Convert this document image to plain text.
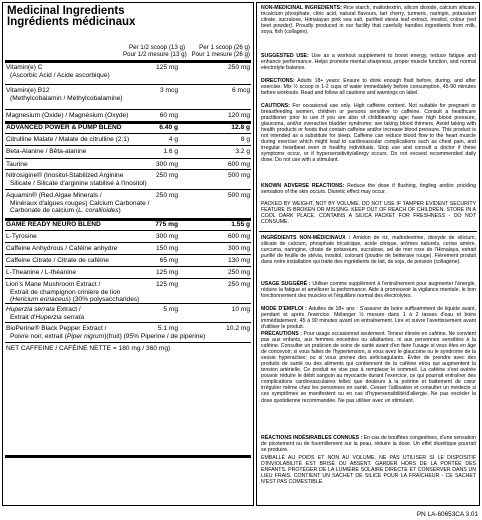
Medicinal Ingredients
Ingrédients médicinaux
Per 1/2 scoop (13 g)
Pour 1/2 mesure (13 g)
Per 1 scoop (26 g)
Pour 1 mesure (26 g)
Vitamin(e) C
(Ascorbic Acid / Acide ascorbique)
125 mg	250 mg
Vitamin(e) B12
(Methylcobalamin / Méthylcobalamine)
3 mcg	6 mcg
Magnesium (Oxide) / Magnésium (Oxyde)	60 mg	120 mg
ADVANCED POWER & PUMP BLEND	6.40 g	12.8 g
Citrulline Malate / Malate de citrulline (2:1)	4 g	8 g
Beta-Alanine / Bêta-alanine	1.6 g	3.2 g
Taurine	300 mg	600 mg
Nitrosigine® (Inositol-Stabilized Arginine
Silicate / Silicate d'arginine stabilisé à l'inositol)
250 mg	500 mg
Aquamin® (Red Algae Minerals /
Minéraux d'algues rouges) Calcium Carbonate /
Carbonate de calcium (L. corallioides)
250 mg	500 mg
GAME READY NEURO BLEND	775 mg	1.55 g
L-Tyrosine	300 mg	600 mg
Caffeine Anhydrous / Caféine anhydre	150 mg	300 mg
Caffeine Citrate / Citrate de caféine	65 mg	130 mg
L-Theanine / L-théanine	125 mg	250 mg
Lion's Mane Mushroom Extract /
Extrait de champignon crinière de lion
(Hericium erinaceus) (30% polysaccharides)
125 mg	250 mg
Huperzia serrata Extract /
Extrait d'Huperzia serrata
5 mg	10 mg
BioPerine® Black Pepper Extract /
Poivre noir, extrait (Piper nigrum)(fruit) (95% Piperine / de pipérine)
5.1 mg	10.2 mg
NET CAFFEINE / CAFÉINE NETTE = 180 mg / 360 mg)

NON-MEDICINAL INGREDIENTS: Rice starch, maltodextrin, silicon dioxide, calcium silicate, tricalcium phosphate, citric acid, natural flavours, tart cherry, turmeric, naringin, potassium citrate, sucralose, Himalayan pink sea salt, purified stevia leaf extract, inositol, colour (red beet powder). Proudly produced in our facility that carefully handles ingredients from milk, soya, fish (collagen).

SUGGESTED USE: Use as a workout supplement to boost energy, reduce fatigue and enhance performance. Helps promote mental sharpness, proper muscle function, and normal electrolyte balance.

DIRECTIONS: Adults 18+ years: Ensure to drink enough fluid before, during, and after exercise. Mix ½ scoop in 1-2 cups of water immediately before consumption, 45-90 minutes before workouts. Read and follow all cautions and warnings on label.

CAUTIONS: For occasional use only. High caffeine content. Not suitable for pregnant or breastfeeding women, children or persons sensitive to caffeine. Consult a healthcare practitioner prior to use if you are also of childbearing age; have high blood pressure, glaucoma, and/or overactive bladder syndrome; are taking blood thinners. Avoid taking with health products or foods that contain caffeine and/or increase blood pressure. This product is not intended as a substitute for sleep. Caffeine can reduce blood flow to the heart muscle during exercise which might lead to cardiovascular complications such as chest pain, and irregular heartbeat even in healthy individuals. Stop use and consult a doctor if these symptoms occur, or if hypersensitivity/allergy occurs. Do not exceed recommended daily dose. Do not use with a stimulant.

KNOWN ADVERSE REACTIONS: Reduce the dose if flushing, tingling and/or prickling sensation of the skin occurs. Diuretic effect may occur.

PACKED BY WEIGHT, NOT BY VOLUME. DO NOT USE IF TAMPER EVIDENT SECURITY FEATURE IS BROKEN OR MISSING. KEEP OUT OF REACH OF CHILDREN. STORE IN A COOL DARK PLACE. CONTAINS A SILICA PACKET FOR FRESHNESS - DO NOT CONSUME.

INGRÉDIENTS NON-MÉDICINAUX : Amidon de riz, maltodextrine, dioxyde de silicium, silicate de calcium, phosphate tricalcique, acide citrique, arômes naturels, cerise amère, curcuma, naringine, citrate de potassium, sucralose, sel de mer rose de l'Himalaya, extrait purifié de feuille de stévia, inositol, colorant (poudre de betterave rouge). Fièrement produit dans notre installation qui traite des ingrédients de lait, de soja, de poisson (collagène).

USAGE SUGGÉRÉ : Utiliser comme supplément à l'entraînement pour augmenter l'énergie, réduire la fatigue et améliorer la performance. Aide à promouvoir la vigilance mentale, le bon fonctionnement des muscles et l'équilibre normal des électrolytes.

MODE D'EMPLOI : Adultes de 18+ ans : S'assurer de boire suffisamment de liquide avant, pendant et après l'exercice. Mélanger ½ mesure dans 1 à 2 tasses d'eau et boire immédiatement, 45 à 90 minutes avant un entraînement. Lire et suivre l'avertissement avant d'utiliser le produit.

PRÉCAUTIONS : Pour usage occasionnel seulement. Teneur élevée en caféine. Ne convient pas aux enfants, aux femmes enceintes ou allaitantes, ni aux personnes sensibles à la caféine. Consulter un praticien de soins de santé avant d'en faire l'usage si vous êtes en âge de concevoir; si vous faites de l'hypertension, si vous avez le glaucome ou le syndrome de la vessie hyperactive; ou si vous prenez des anticoagulants. Éviter de prendre avec des produits de santé ou des aliments qui contiennent de la caféine et/ou qui augmentent la tension artérielle. Ce produit ne vise pas à remplacer le sommeil. La caféine s'est avérée pouvoir réduire le débit sanguin au myocarde durant l'exercice, ce qui pourrait entraîner des complications cardiovasculaires telles que douleurs à la poitrine et battement de cœur irrégulier même chez les personnes en santé. Cesser l'utilisation et consulter un médecin si ces symptômes se manifestent ou en cas d'hypersensibilité/d'allergie. Ne pas excéder la dose quotidienne recommandée. Ne pas utiliser avec un stimulant.

RÉACTIONS INDÉSIRABLES CONNUES : En cas de bouffées congestives, d'une sensation de picotement ou de fourmillement sur la peau, réduire la dose. Un effet diurétique pourrait se produire.

EMBALLÉ AU POIDS ET NON AU VOLUME. NE PAS UTILISER SI LE DISPOSITIF D'INVIOLABILITÉ EST BRISÉ OU ABSENT. GARDER HORS DE LA PORTÉE DES ENFANTS. PROTÉGER DE LA LUMIÈRE SOLAIRE DIRECTE ET CONSERVER DANS UN LIEU FRAIS. CONTIENT UN SACHET DE SILICE POUR LA FRAÎCHEUR - CE SACHET N'EST PAS COMESTIBLE.

PN LA-60653CA 3.01
